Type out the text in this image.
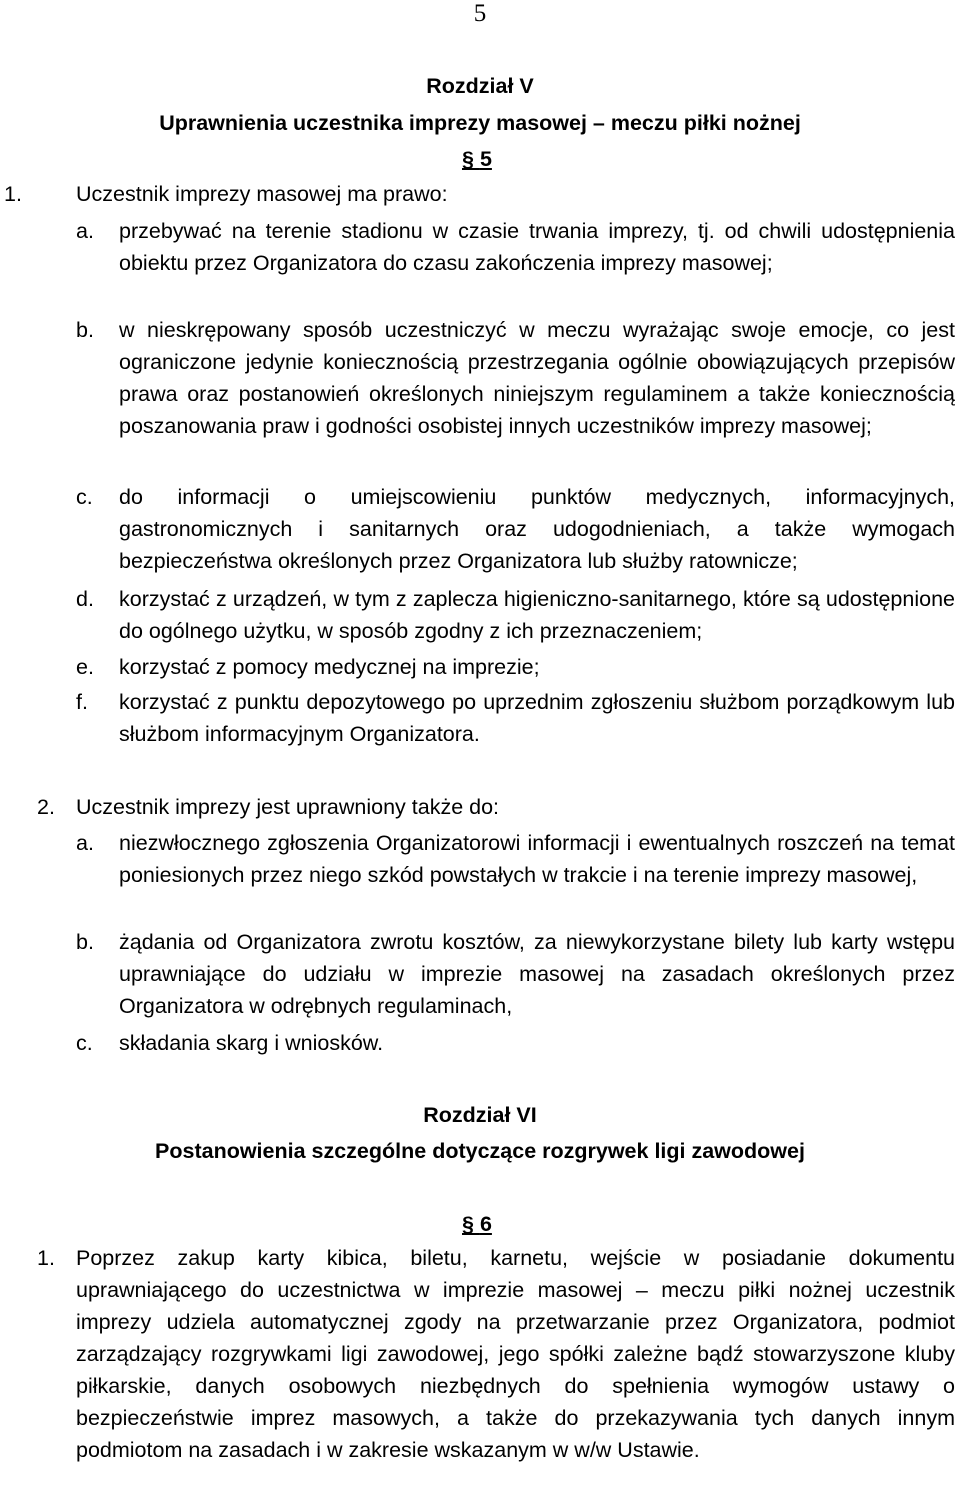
5
Rozdział V
Uprawnienia uczestnika imprezy masowej – meczu piłki nożnej
§ 5
1.	Uczestnik imprezy masowej ma prawo:
a. przebywać na terenie stadionu w czasie trwania imprezy, tj. od chwili udostępnienia obiektu przez Organizatora do czasu zakończenia imprezy masowej;

b. w nieskrępowany sposób uczestniczyć w meczu wyrażając swoje emocje, co jest ograniczone jedynie koniecznością przestrzegania ogólnie obowiązujących przepisów prawa oraz postanowień określonych niniejszym regulaminem a także koniecznością poszanowania praw i godności osobistej innych uczestników imprezy masowej;

c. do informacji o umiejscowieniu punktów medycznych, informacyjnych, gastronomicznych i sanitarnych oraz udogodnieniach, a także wymogach bezpieczeństwa określonych przez Organizatora lub służby ratownicze;

d. korzystać z urządzeń, w tym z zaplecza higieniczno-sanitarnego, które są udostępnione do ogólnego użytku, w sposób zgodny z ich przeznaczeniem;

e. korzystać z pomocy medycznej na imprezie;

f. korzystać z punktu depozytowego po uprzednim zgłoszeniu służbom porządkowym lub służbom informacyjnym Organizatora.

2. Uczestnik imprezy jest uprawniony także do:
a. niezwłocznego zgłoszenia Organizatorowi informacji i ewentualnych roszczeń na temat poniesionych przez niego szkód powstałych w trakcie i na terenie imprezy masowej,

b. żądania od Organizatora zwrotu kosztów, za niewykorzystane bilety lub karty wstępu uprawniające do udziału w imprezie masowej na zasadach określonych przez Organizatora w odrębnych regulaminach,

c. składania skarg i wniosków.

Rozdział VI
Postanowienia szczególne dotyczące rozgrywek ligi zawodowej
§ 6
1. Poprzez zakup karty kibica, biletu, karnetu, wejście w posiadanie dokumentu uprawniającego do uczestnictwa w imprezie masowej – meczu piłki nożnej uczestnik imprezy udziela automatycznej zgody na przetwarzanie przez Organizatora, podmiot zarządzający rozgrywkami ligi zawodowej, jego spółki zależne bądź stowarzyszone kluby piłkarskie, danych osobowych niezbędnych do spełnienia wymogów ustawy o bezpieczeństwie imprez masowych, a także do przekazywania tych danych innym podmiotom na zasadach i w zakresie wskazanym w w/w Ustawie.
